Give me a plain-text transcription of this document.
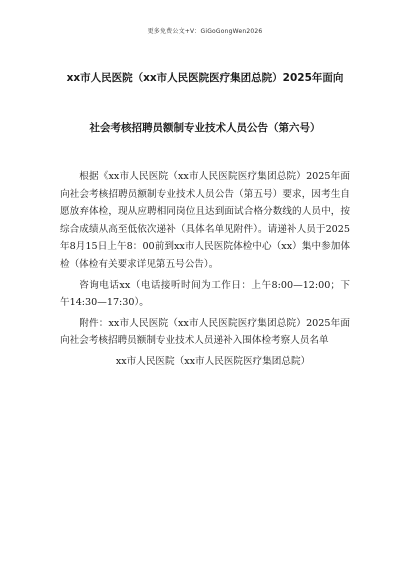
更多免费公文+V：GiGoGongWen2026
xx市人民医院（xx市人民医院医疗集团总院）2025年面向
社会考核招聘员额制专业技术人员公告（第六号）

根据《xx市人民医院（xx市人民医院医疗集团总院）2025年面向社会考核招聘员额制专业技术人员公告（第五号）要求，因考生自愿放弃体检，现从应聘相同岗位且达到面试合格分数线的人员中，按综合成绩从高至低依次递补（具体名单见附件）。请递补人员于2025年8月15日上午8：00前到xx市人民医院体检中心（xx）集中参加体检（体检有关要求详见第五号公告）。

咨询电话xx（电话接听时间为工作日：上午8:00—12:00；下午14:30—17:30）。

附件：xx市人民医院（xx市人民医院医疗集团总院）2025年面向社会考核招聘员额制专业技术人员递补入围体检考察人员名单

xx市人民医院（xx市人民医院医疗集团总院）
